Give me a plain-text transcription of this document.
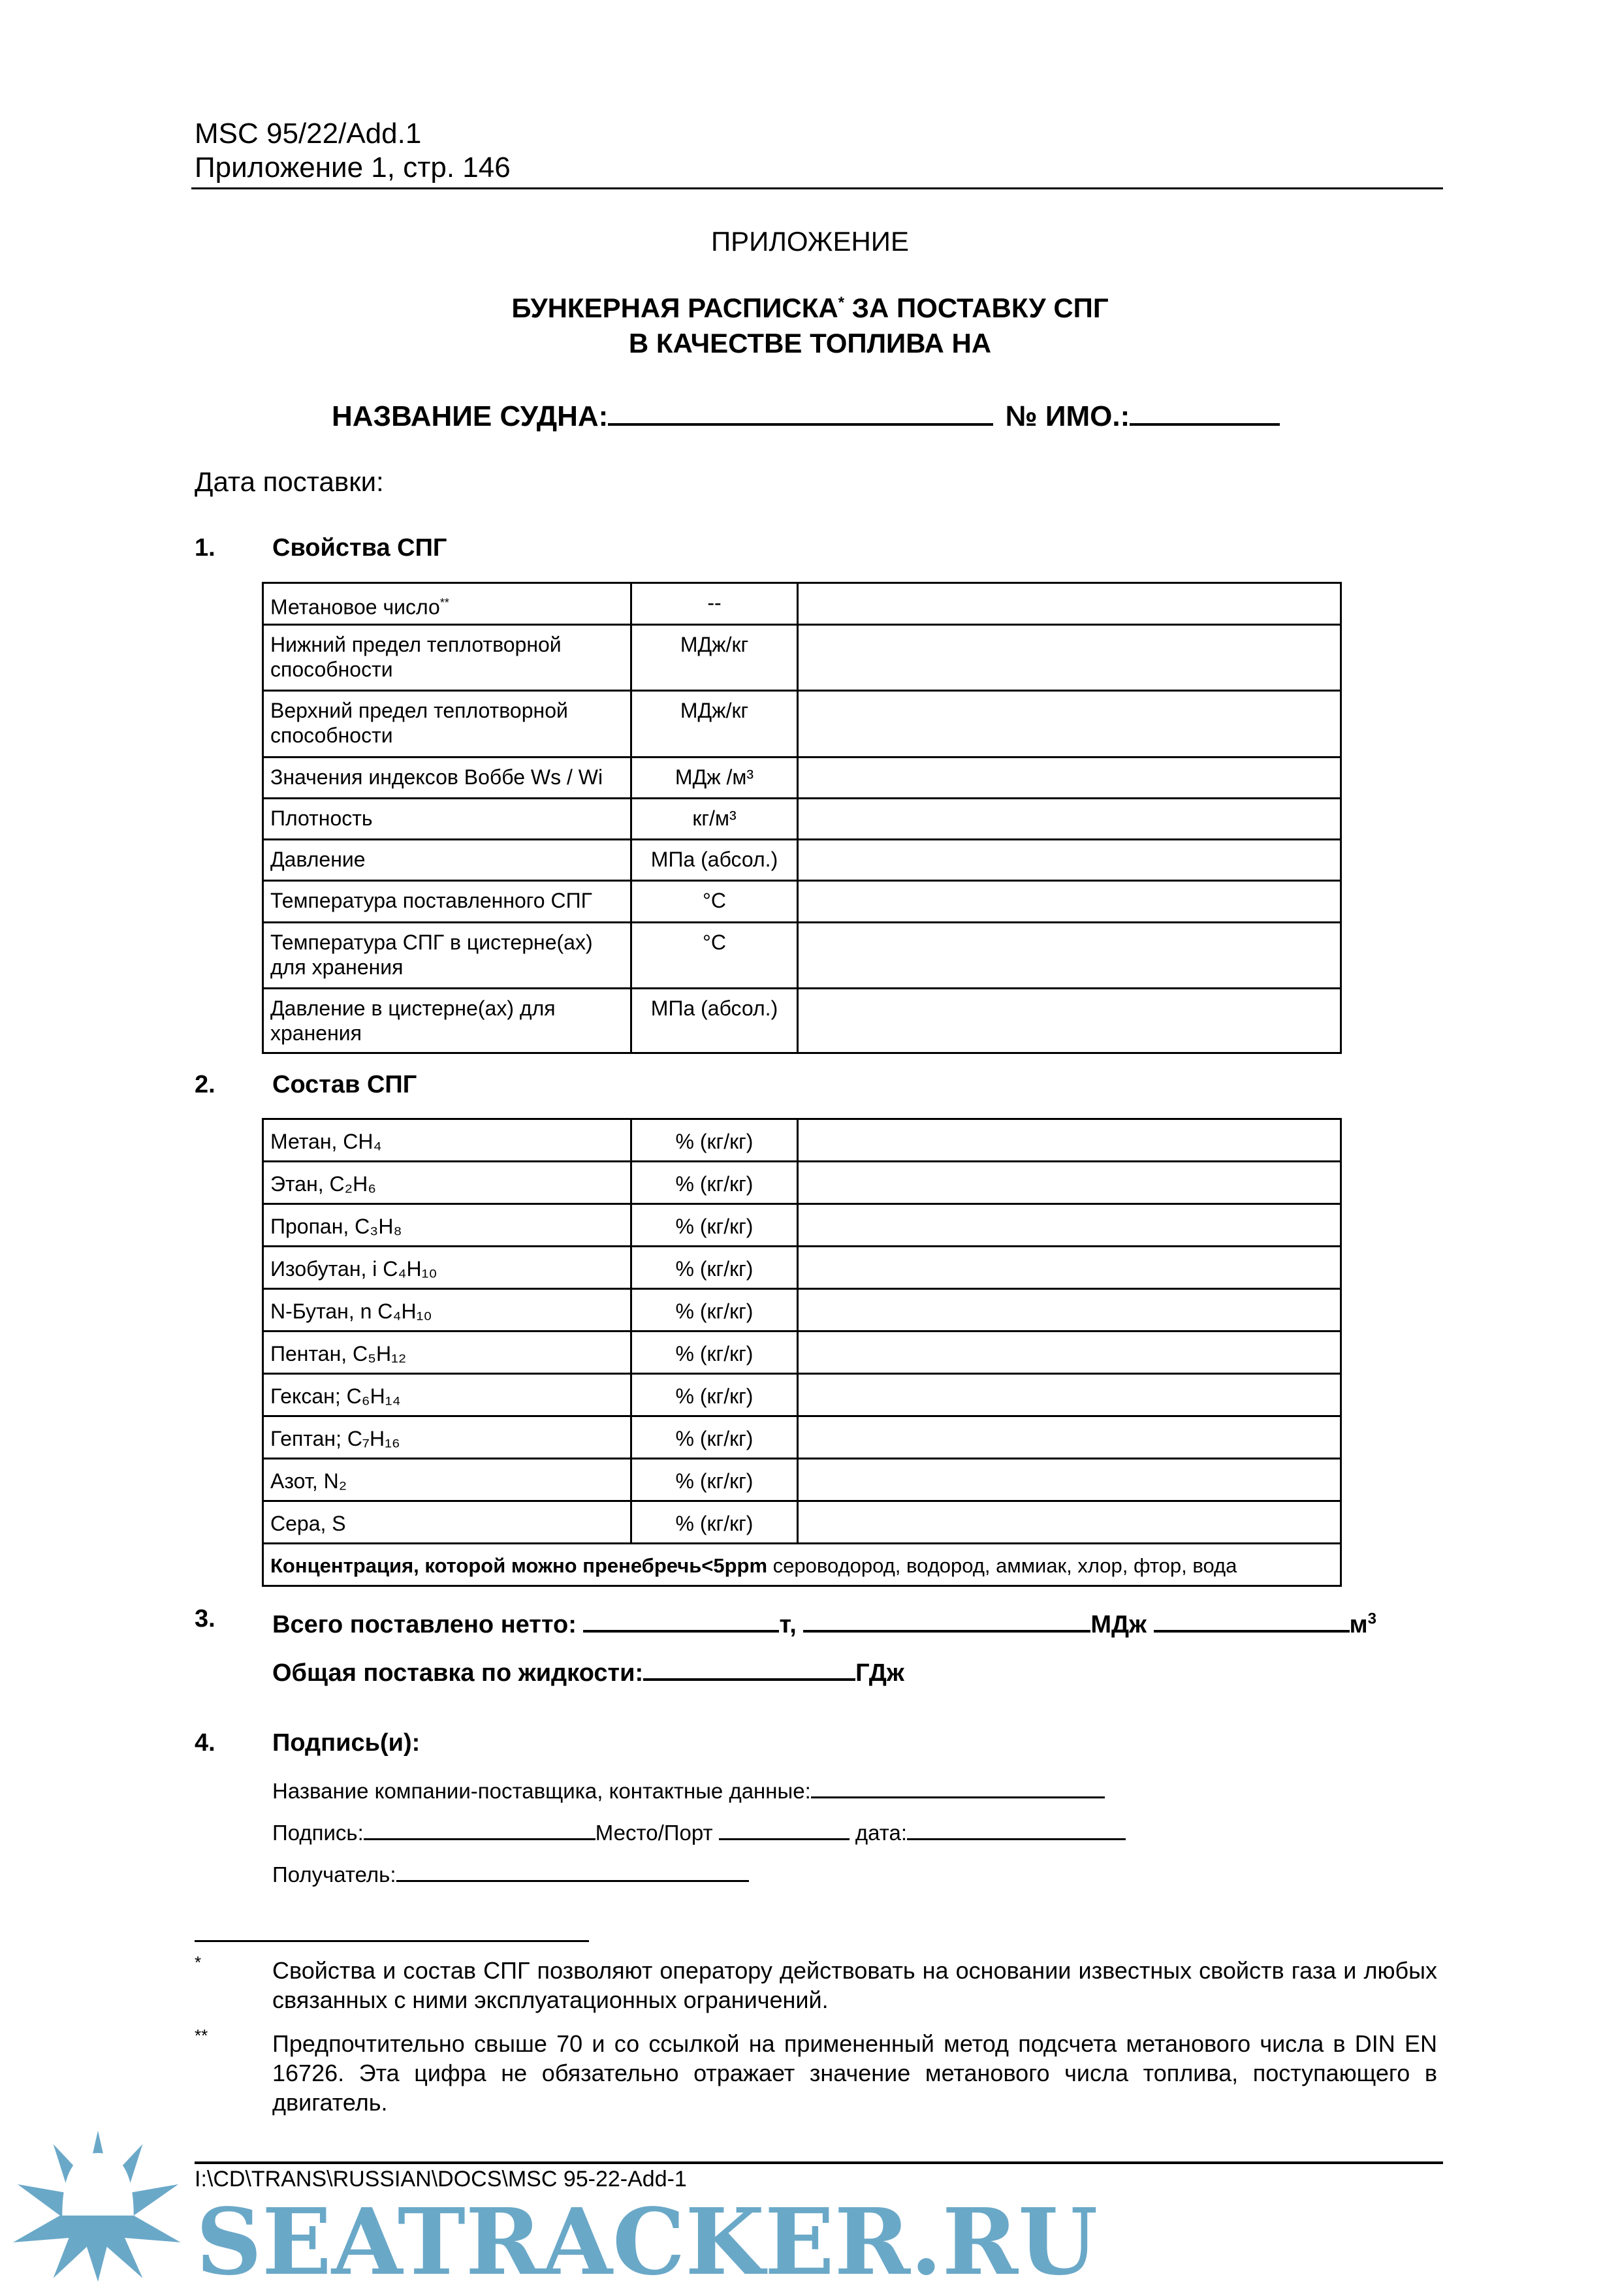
MSC 95/22/Add.1
Приложение 1, стр. 146
ПРИЛОЖЕНИЕ
БУНКЕРНАЯ РАСПИСКА* ЗА ПОСТАВКУ СПГ
В КАЧЕСТВЕ ТОПЛИВА НА
НАЗВАНИЕ СУДНА:	№ ИМО.:
Дата поставки:
1. Свойства СПГ
Метановое число**	--	
Нижний предел теплотворной способности	МДж/кг	
Верхний предел теплотворной способности	МДж/кг	
Значения индексов Воббе Ws / Wi	МДж /м³	
Плотность	кг/м³	
Давление	МПа (абсол.)	
Температура поставленного СПГ	°C	
Температура СПГ в цистерне(ах) для хранения	°C	
Давление в цистерне(ах) для хранения	МПа (абсол.)	
2. Состав СПГ
Метан, CH₄	% (кг/кг)	
Этан, C₂H₆	% (кг/кг)	
Пропан, C₃H₈	% (кг/кг)	
Изобутан, i C₄H₁₀	% (кг/кг)	
N-Бутан, n C₄H₁₀	% (кг/кг)	
Пентан, C₅H₁₂	% (кг/кг)	
Гексан; C₆H₁₄	% (кг/кг)	
Гептан; C₇H₁₆	% (кг/кг)	
Азот, N₂	% (кг/кг)	
Сера, S	% (кг/кг)	
Концентрация, которой можно пренебречь<5ppm сероводород, водород, аммиак, хлор, фтор, вода		
3. Всего поставлено нетто:	т,	МДж	$м^3$
Общая поставка по жидкости:	ГДж
4. Подпись(и):
Название компании-поставщика, контактные данные:
Подпись:	Место/Порт	дата:
Получатель:
*	Свойства и состав СПГ позволяют оператору действовать на основании известных свойств газа и любых связанных с ними эксплуатационных ограничений.
**	Предпочтительно свыше 70 и со ссылкой на примененный метод подсчета метанового числа в DIN EN 16726. Эта цифра не обязательно отражает значение метанового числа топлива, поступающего в двигатель.
SEATRACKER.RU
I:\CD\TRANS\RUSSIAN\DOCS\MSC 95-22-Add-1
